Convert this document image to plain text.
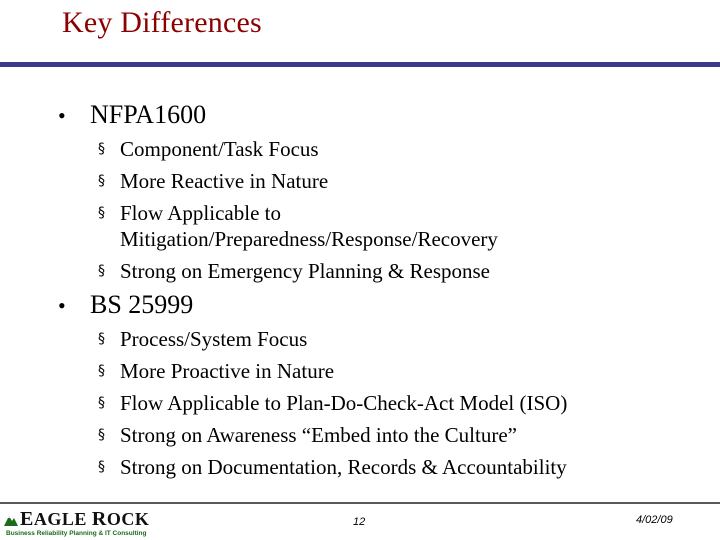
Key Differences
• NFPA1600
§ Component/Task Focus
§ More Reactive in Nature
§ Flow Applicable to
Mitigation/Preparedness/Response/Recovery
§ Strong on Emergency Planning & Response
• BS 25999
§ Process/System Focus
§ More Proactive in Nature
§ Flow Applicable to Plan-Do-Check-Act Model (ISO)
§ Strong on Awareness “Embed into the Culture”
§ Strong on Documentation, Records & Accountability
EAGLE ROCK
Business Reliability Planning & IT Consulting
12	4/02/09
